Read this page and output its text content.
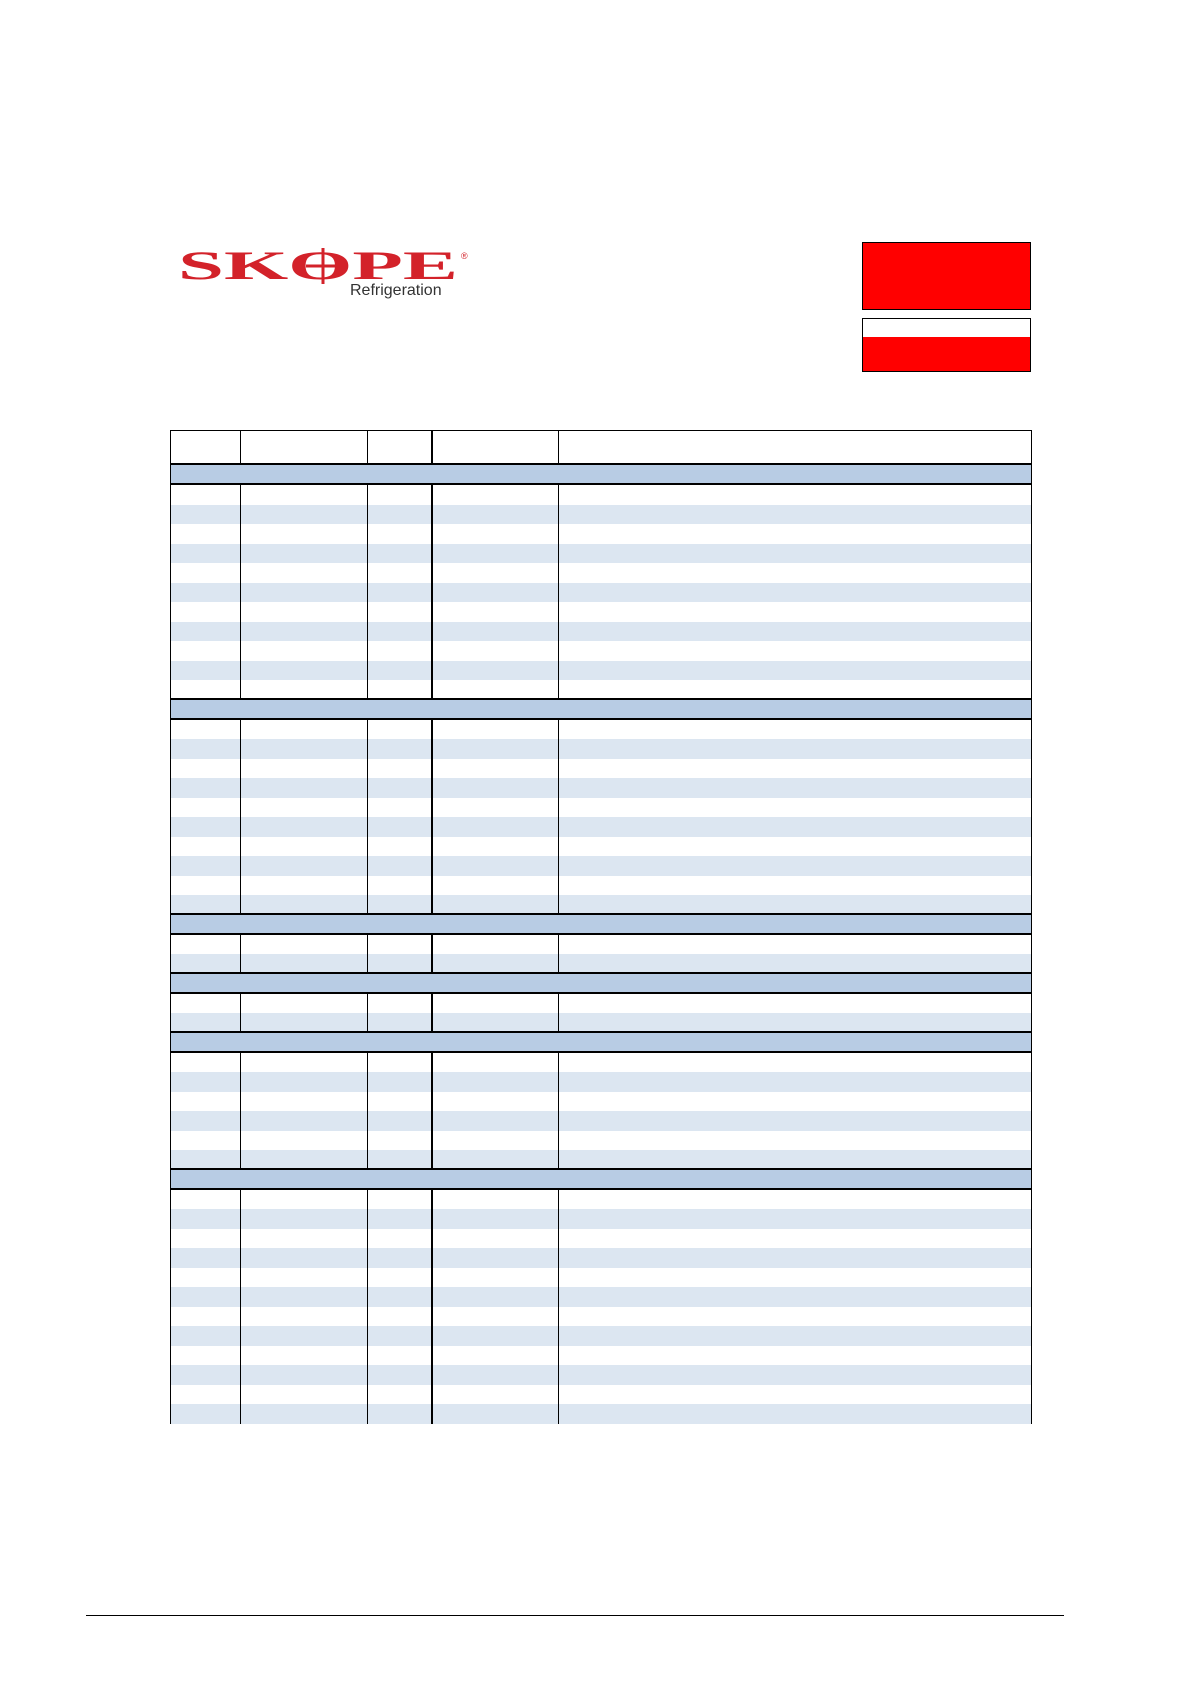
SKOPE ®
Refrigeration
